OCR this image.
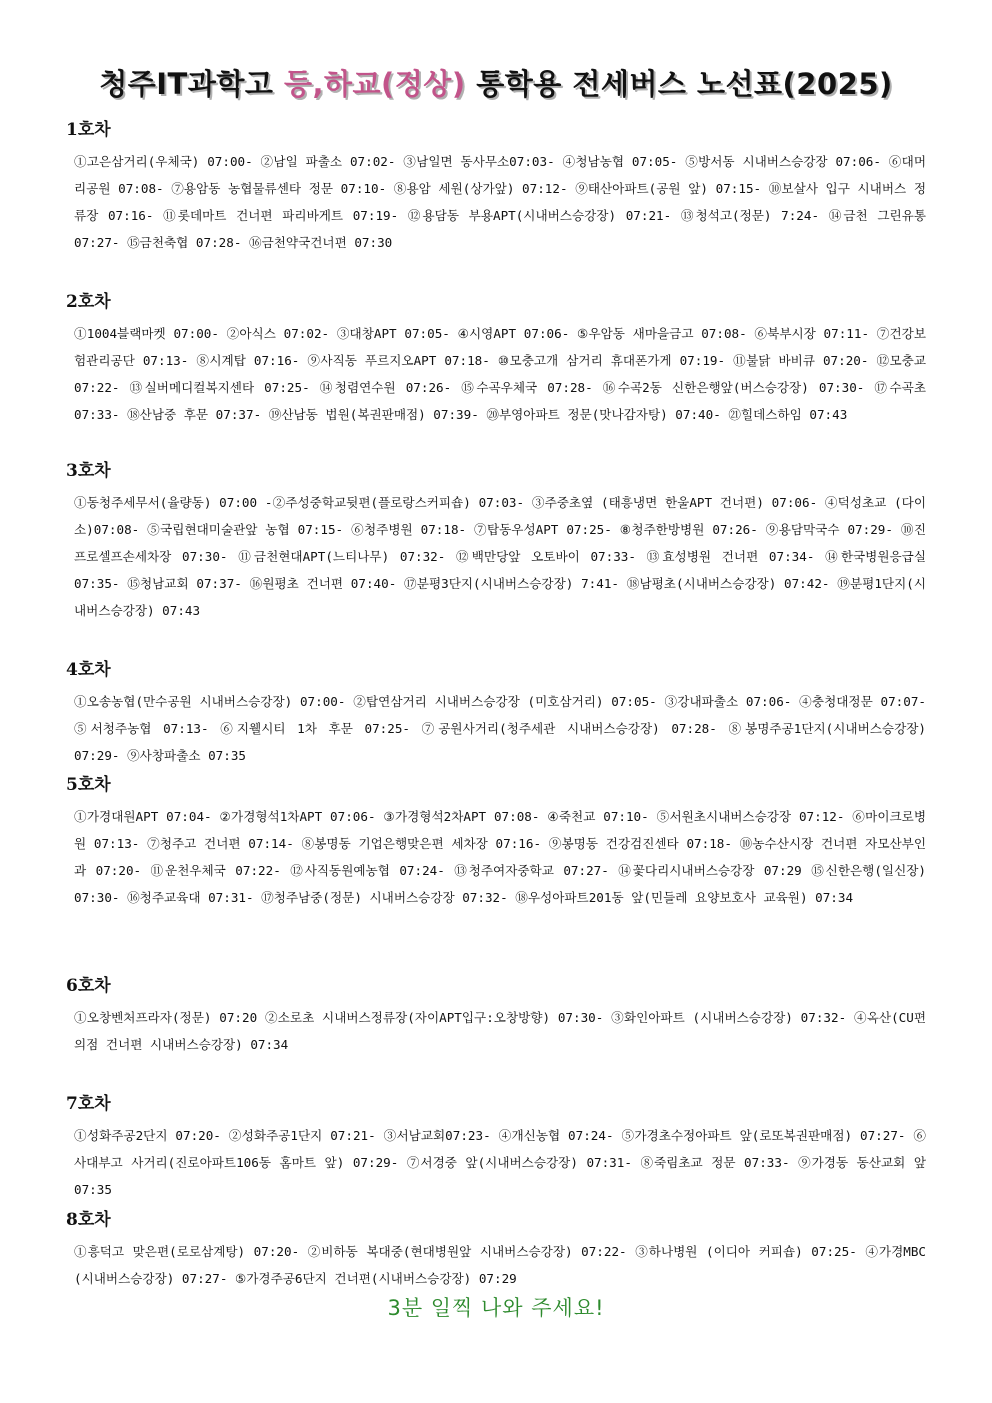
청주IT과학고 등,하교(정상) 통학용 전세버스 노선표(2025)
1호차
①고은삼거리(우체국) 07:00- ②남일 파출소 07:02- ③남일면 동사무소07:03- ④청남농협 07:05- ⑤방서동 시내버스승강장 07:06- ⑥대머리공원 07:08- ⑦용암동 농협물류센타 정문 07:10- ⑧용암 세원(상가앞) 07:12- ⑨태산아파트(공원 앞) 07:15- ⑩보살사 입구 시내버스 정류장 07:16- ⑪롯데마트 건너편 파리바게트 07:19- ⑫용담동 부용APT(시내버스승강장) 07:21- ⑬청석고(정문) 7:24- ⑭금천 그린유통 07:27- ⑮금천축협 07:28- ⑯금천약국건너편 07:30
2호차
①1004블랙마켓 07:00- ②아식스 07:02- ③대창APT 07:05- ④시영APT 07:06- ⑤우암동 새마을금고 07:08- ⑥북부시장 07:11- ⑦건강보험관리공단 07:13- ⑧시계탑 07:16- ⑨사직동 푸르지오APT 07:18- ⑩모충고개 삼거리 휴대폰가게 07:19- ⑪불닭 바비큐 07:20- ⑫모충교 07:22- ⑬실버메디컬복지센타 07:25- ⑭청렴연수원 07:26- ⑮수곡우체국 07:28- ⑯수곡2동 신한은행앞(버스승강장) 07:30- ⑰수곡초 07:33- ⑱산남중 후문 07:37- ⑲산남동 법원(복권판매점) 07:39- ⑳부영아파트 정문(맛나감자탕) 07:40- ㉑힐데스하임 07:43
3호차
①동청주세무서(율량동) 07:00 -②주성중학교뒷편(플로랑스커피숍) 07:03- ③주중초옆 (태흥냉면 한울APT 건너편) 07:06- ④덕성초교 (다이소)07:08- ⑤국립현대미술관앞 농협 07:15- ⑥청주병원 07:18- ⑦탑동우성APT 07:25- ⑧청주한방병원 07:26- ⑨용담막국수 07:29- ⑩진프로셀프손세차장 07:30- ⑪금천현대APT(느티나무) 07:32- ⑫백만당앞 오토바이 07:33- ⑬효성병원 건너편 07:34- ⑭한국병원응급실 07:35- ⑮청남교회 07:37- ⑯원평초 건너편 07:40- ⑰분평3단지(시내버스승강장) 7:41- ⑱남평초(시내버스승강장) 07:42- ⑲분평1단지(시내버스승강장) 07:43
4호차
①오송농협(만수공원 시내버스승강장) 07:00- ②탑연삼거리 시내버스승강장 (미호삼거리) 07:05- ③강내파출소 07:06- ④충청대정문 07:07- ⑤서청주농협 07:13- ⑥지웰시티 1차 후문 07:25- ⑦공원사거리(청주세관 시내버스승강장) 07:28- ⑧봉명주공1단지(시내버스승강장) 07:29- ⑨사창파출소 07:35
5호차
①가경대원APT 07:04- ②가경형석1차APT 07:06- ③가경형석2차APT 07:08- ④죽천교 07:10- ⑤서원초시내버스승강장 07:12- ⑥마이크로병원 07:13- ⑦청주고 건너편 07:14- ⑧봉명동 기업은행맞은편 세차장 07:16- ⑨봉명동 건강검진센타 07:18- ⑩농수산시장 건너편 자모산부인과 07:20- ⑪운천우체국 07:22- ⑫사직동원예농협 07:24- ⑬청주여자중학교 07:27- ⑭꽃다리시내버스승강장 07:29 ⑮신한은행(일신장) 07:30- ⑯청주교육대 07:31- ⑰청주남중(정문) 시내버스승강장 07:32- ⑱우성아파트201동 앞(민들레 요양보호사 교육원) 07:34
6호차
①오창벤처프라자(정문) 07:20 ②소로초 시내버스정류장(자이APT입구:오창방향) 07:30- ③화인아파트 (시내버스승강장) 07:32- ④옥산(CU편의점 건너편 시내버스승강장) 07:34
7호차
①성화주공2단지 07:20- ②성화주공1단지 07:21- ③서남교회07:23- ④개신농협 07:24- ⑤가경초수정아파트 앞(로또복권판매점) 07:27- ⑥사대부고 사거리(진로아파트106동 홈마트 앞) 07:29- ⑦서경중 앞(시내버스승강장) 07:31- ⑧죽림초교 정문 07:33- ⑨가경동 동산교회 앞 07:35
8호차
①흥덕고 맞은편(로로삼계탕) 07:20- ②비하동 복대중(현대병원앞 시내버스승강장) 07:22- ③하나병원 (이디아 커피숍) 07:25- ④가경MBC (시내버스승강장) 07:27- ⑤가경주공6단지 건너편(시내버스승강장) 07:29
3분 일찍 나와 주세요!
